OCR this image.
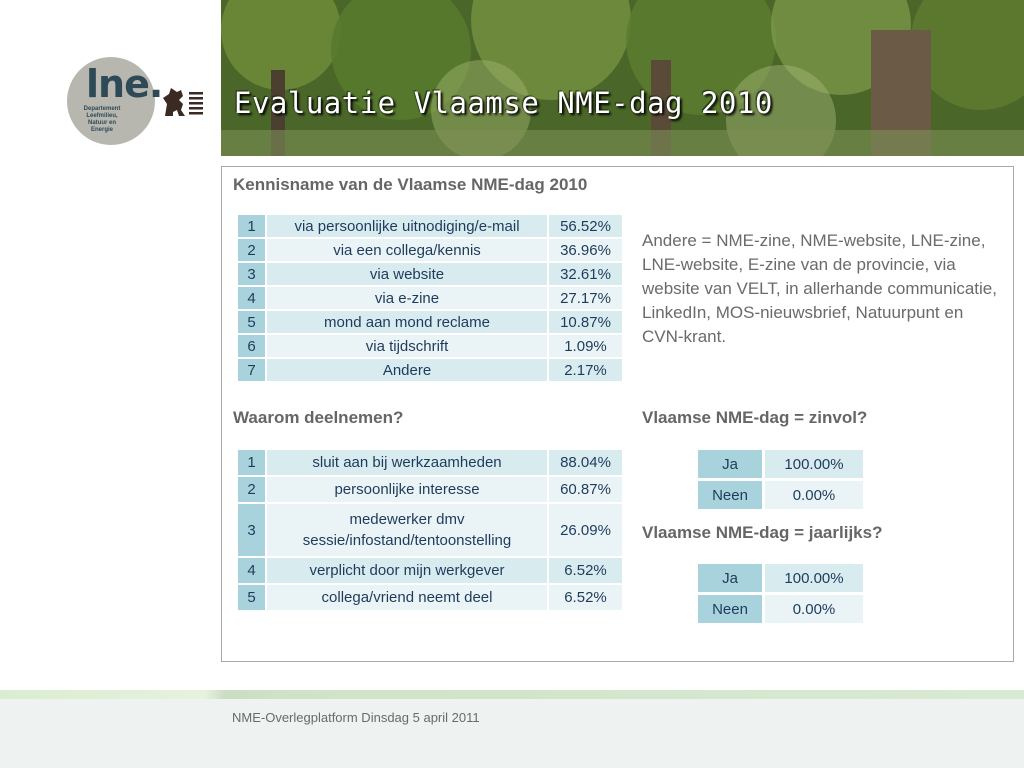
lne.
Departement
Leefmilieu,
Natuur en
Energie
Evaluatie Vlaamse NME-dag 2010
Kennisname van de Vlaamse NME-dag 2010
1	via persoonlijke uitnodiging/e-mail	56.52%
2	via een collega/kennis	36.96%
3	via website	32.61%
4	via e-zine	27.17%
5	mond aan mond reclame	10.87%
6	via tijdschrift	1.09%
7	Andere	2.17%
Andere = NME-zine, NME-website, LNE-zine, LNE-website, E-zine van de provincie, via website van VELT, in allerhande communicatie, LinkedIn, MOS-nieuwsbrief, Natuurpunt en CVN-krant.
Waarom deelnemen?
1	sluit aan bij werkzaamheden	88.04%
2	persoonlijke interesse	60.87%
3	medewerker dmv sessie/infostand/tentoonstelling	26.09%
4	verplicht door mijn werkgever	6.52%
5	collega/vriend neemt deel	6.52%
Vlaamse NME-dag = zinvol?
Ja	100.00%
Neen	0.00%
Vlaamse NME-dag = jaarlijks?
Ja	100.00%
Neen	0.00%
NME-Overlegplatform Dinsdag 5 april 2011
